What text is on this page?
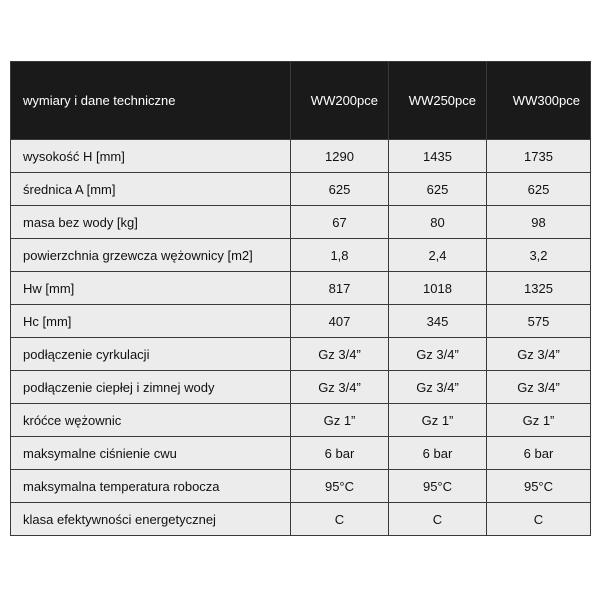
wymiary i dane techniczne	WW200pce	WW250pce	WW300pce
wysokość H [mm]	1290	1435	1735
średnica A [mm]	625	625	625
masa bez wody [kg]	67	80	98
powierzchnia grzewcza wężownicy [m2]	1,8	2,4	3,2
Hw [mm]	817	1018	1325
Hc [mm]	407	345	575
podłączenie cyrkulacji	Gz 3/4”	Gz 3/4”	Gz 3/4”
podłączenie ciepłej i zimnej wody	Gz 3/4”	Gz 3/4”	Gz 3/4”
króćce wężownic	Gz 1”	Gz 1”	Gz 1”
maksymalne ciśnienie cwu	6 bar	6 bar	6 bar
maksymalna temperatura robocza	95°C	95°C	95°C
klasa efektywności energetycznej	C	C	C
